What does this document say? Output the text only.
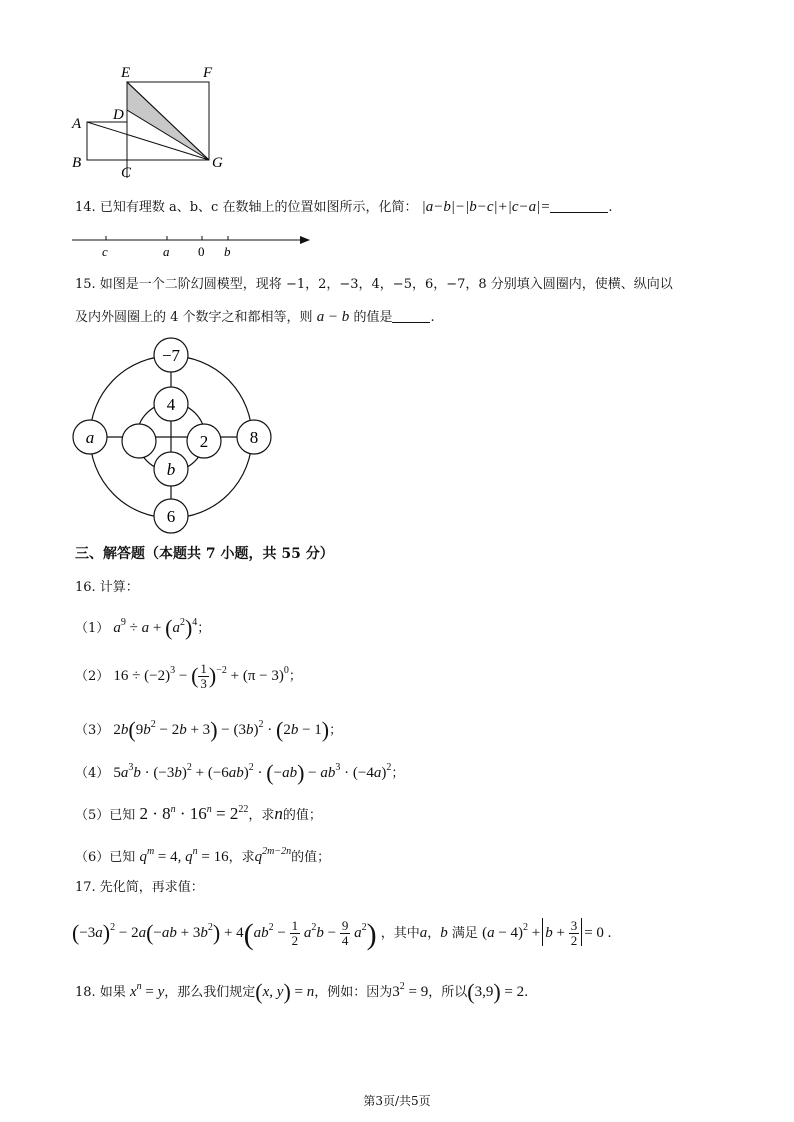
E	F
A
D
B
C
G
14. 已知有理数 a、b、c 在数轴上的位置如图所示，化简： |a−b|−|b−c|+|c−a|=	.
c	a 0 b
15. 如图是一个二阶幻圆模型，现将 −1，2，−3，4，−5，6，−7，8 分别填入圆圈内，使横、纵向以
及内外圆圈上的 4 个数字之和都相等，则 a − b 的值是	.
−7
4
a	2 8
b
6
三、解答题（本题共 7 小题，共 55 分）
16. 计算：
（1） $a^9 \div a + (a^2)^4$；
（2） $16 \div (-2)^3$ − ( $\frac{1}{3} )^{-2} + (\pi - 3)^0$；
（3） $2b(9b^2 - 2b + 3) - (3b)^2 \cdot (2b - 1)$；
（4） $5a^3b \cdot (-3b)^2 + (-6ab)^2 \cdot (-ab) - ab^3 \cdot (-4a)^2$；
（5）已知 $2 \cdot 8^n \cdot 16^n = 2^{22}$，求n的值；
（6）已知 $q^m = 4$, $q^n = 16$，求$q^{2m-2n}$的值；
17. 先化简，再求值：
$(-3a)^2 - 2a(-ab + 3b^2) + 4(ab^2 - \frac{1}{2} a^2b - \frac{9}{4} a^2)$ ，其中a，b 满足 $(a - 4)^2 + b + \frac{3}{2} = 0$ .
18. 如果 $x^n = y$，那么我们规定(x, y) = n，例如：因为$3^2 = 9$，所以(3,9) = 2.
第3页/共5页
